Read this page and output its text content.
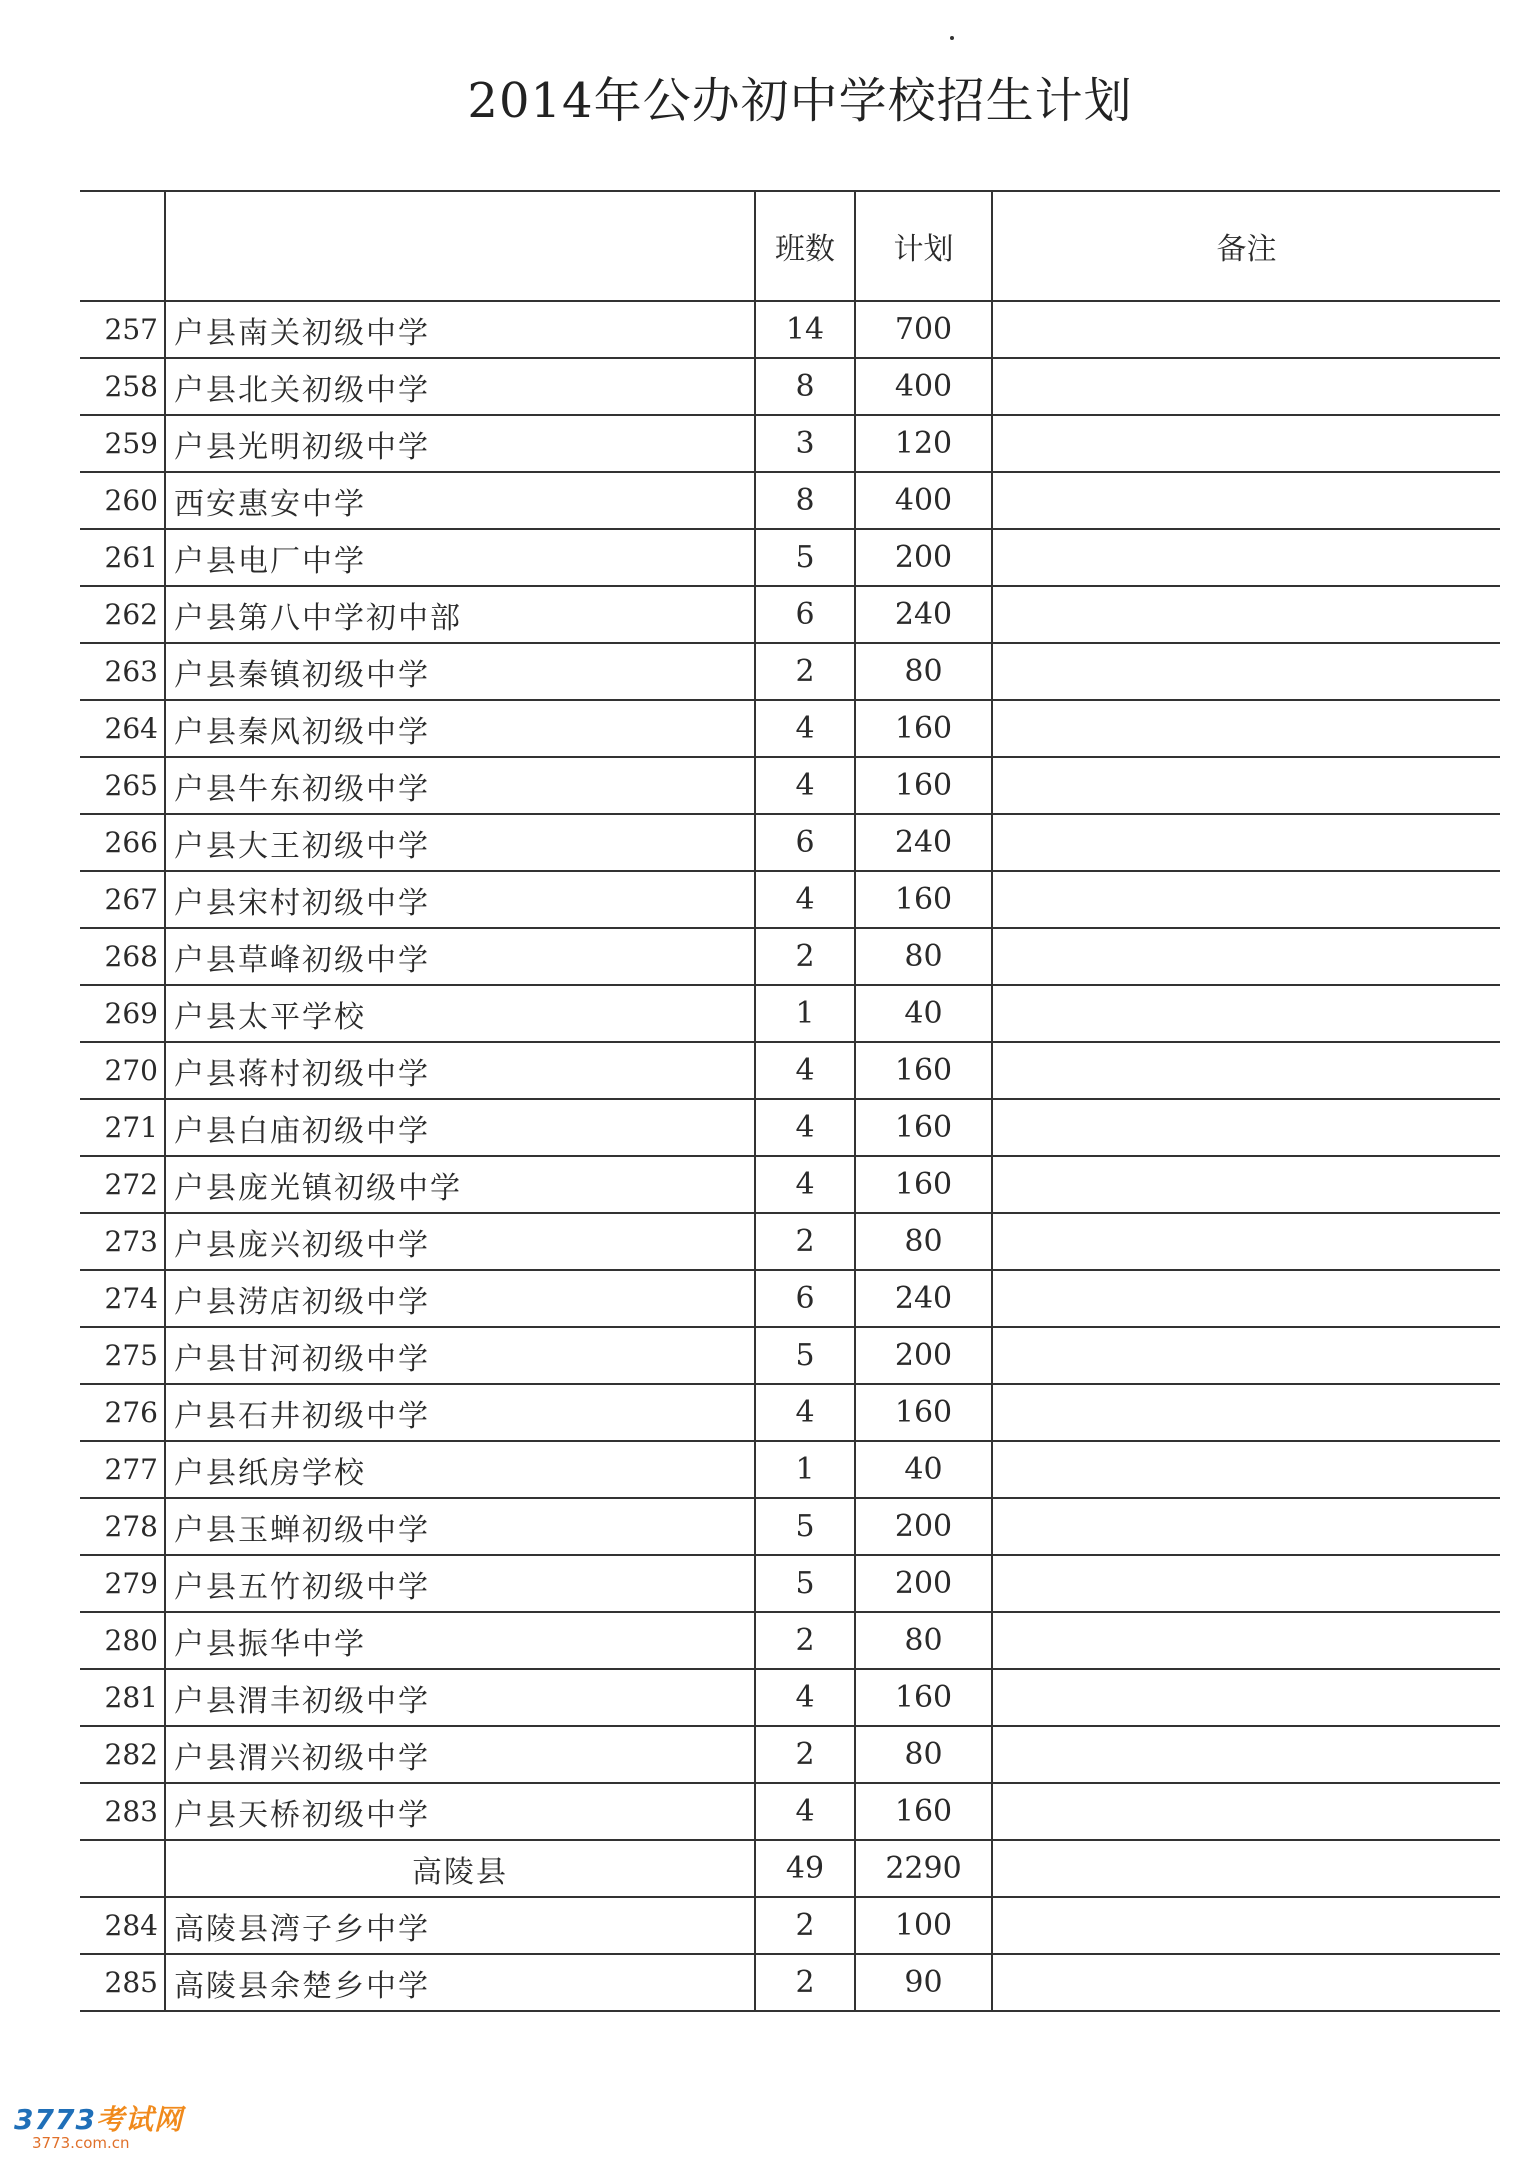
2014年公办初中学校招生计划
		班数	计划	备注
257	户县南关初级中学	14	700	
258	户县北关初级中学	8	400	
259	户县光明初级中学	3	120	
260	西安惠安中学	8	400	
261	户县电厂中学	5	200	
262	户县第八中学初中部	6	240	
263	户县秦镇初级中学	2	80	
264	户县秦风初级中学	4	160	
265	户县牛东初级中学	4	160	
266	户县大王初级中学	6	240	
267	户县宋村初级中学	4	160	
268	户县草峰初级中学	2	80	
269	户县太平学校	1	40	
270	户县蒋村初级中学	4	160	
271	户县白庙初级中学	4	160	
272	户县庞光镇初级中学	4	160	
273	户县庞兴初级中学	2	80	
274	户县涝店初级中学	6	240	
275	户县甘河初级中学	5	200	
276	户县石井初级中学	4	160	
277	户县纸房学校	1	40	
278	户县玉蝉初级中学	5	200	
279	户县五竹初级中学	5	200	
280	户县振华中学	2	80	
281	户县渭丰初级中学	4	160	
282	户县渭兴初级中学	2	80	
283	户县天桥初级中学	4	160	
	高陵县	49	2290	
284	高陵县湾子乡中学	2	100	
285	高陵县余楚乡中学	2	90	
3773考试网
3773.com.cn
